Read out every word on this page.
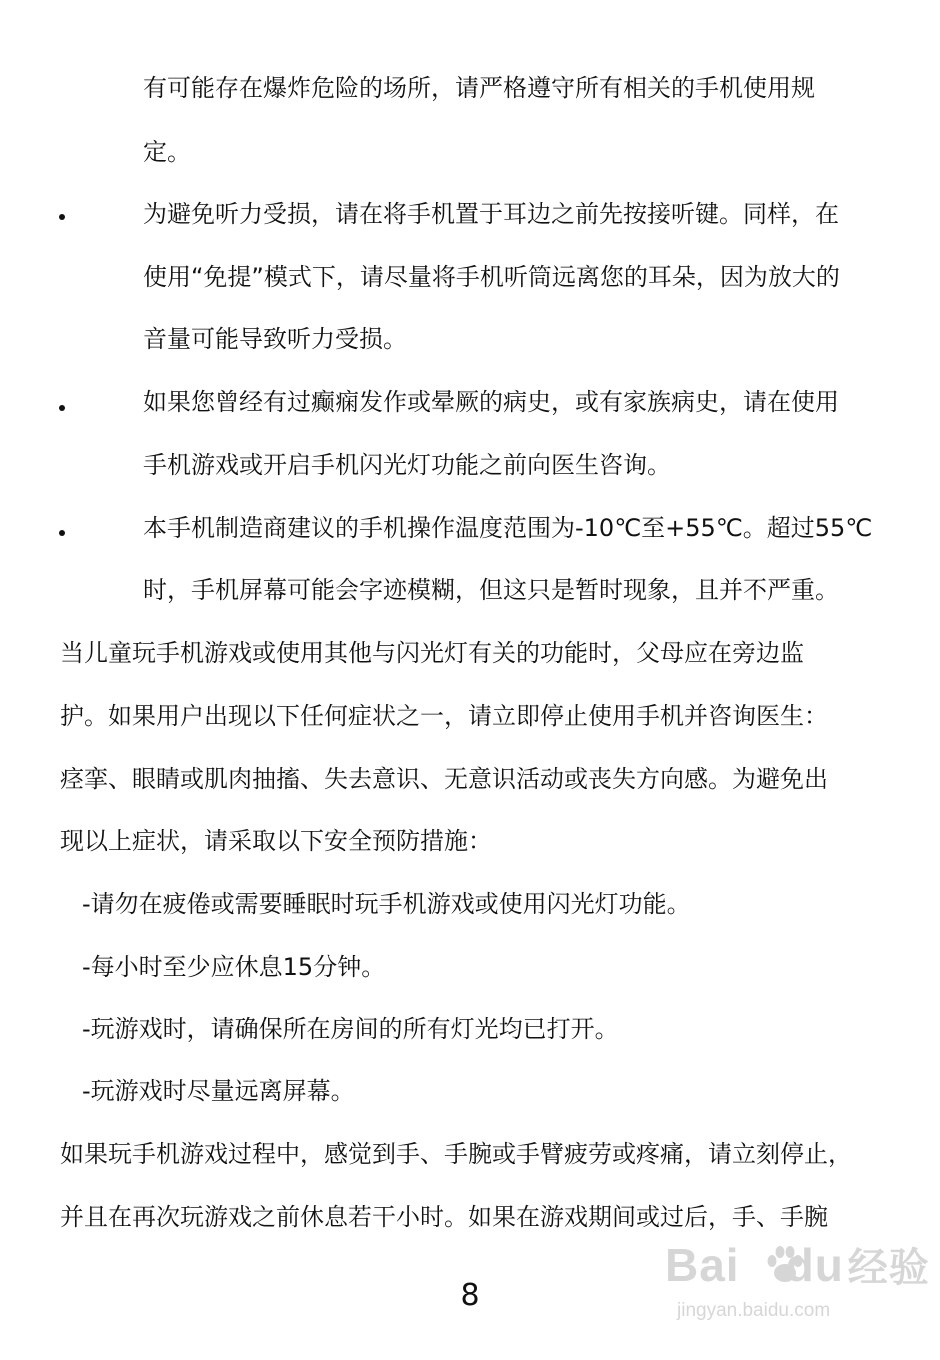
有可能存在爆炸危险的场所，请严格遵守所有相关的手机使用规
定。
为避免听力受损，请在将手机置于耳边之前先按接听键。同样，在
使用“免提”模式下，请尽量将手机听筒远离您的耳朵，因为放大的
音量可能导致听力受损。
如果您曾经有过癫痫发作或晕厥的病史，或有家族病史，请在使用
手机游戏或开启手机闪光灯功能之前向医生咨询。
本手机制造商建议的手机操作温度范围为-10℃至+55℃。超过55℃
时，手机屏幕可能会字迹模糊，但这只是暂时现象，且并不严重。
当儿童玩手机游戏或使用其他与闪光灯有关的功能时，父母应在旁边监
护。如果用户出现以下任何症状之一，请立即停止使用手机并咨询医生：
痉挛、眼睛或肌肉抽搐、失去意识、无意识活动或丧失方向感。为避免出
现以上症状，请采取以下安全预防措施：
-请勿在疲倦或需要睡眠时玩手机游戏或使用闪光灯功能。
-每小时至少应休息15分钟。
-玩游戏时，请确保所在房间的所有灯光均已打开。
-玩游戏时尽量远离屏幕。
如果玩手机游戏过程中，感觉到手、手腕或手臂疲劳或疼痛，请立刻停止，
并且在再次玩游戏之前休息若干小时。如果在游戏期间或过后，手、手腕
8
Bai du 经验
jingyan.baidu.com
